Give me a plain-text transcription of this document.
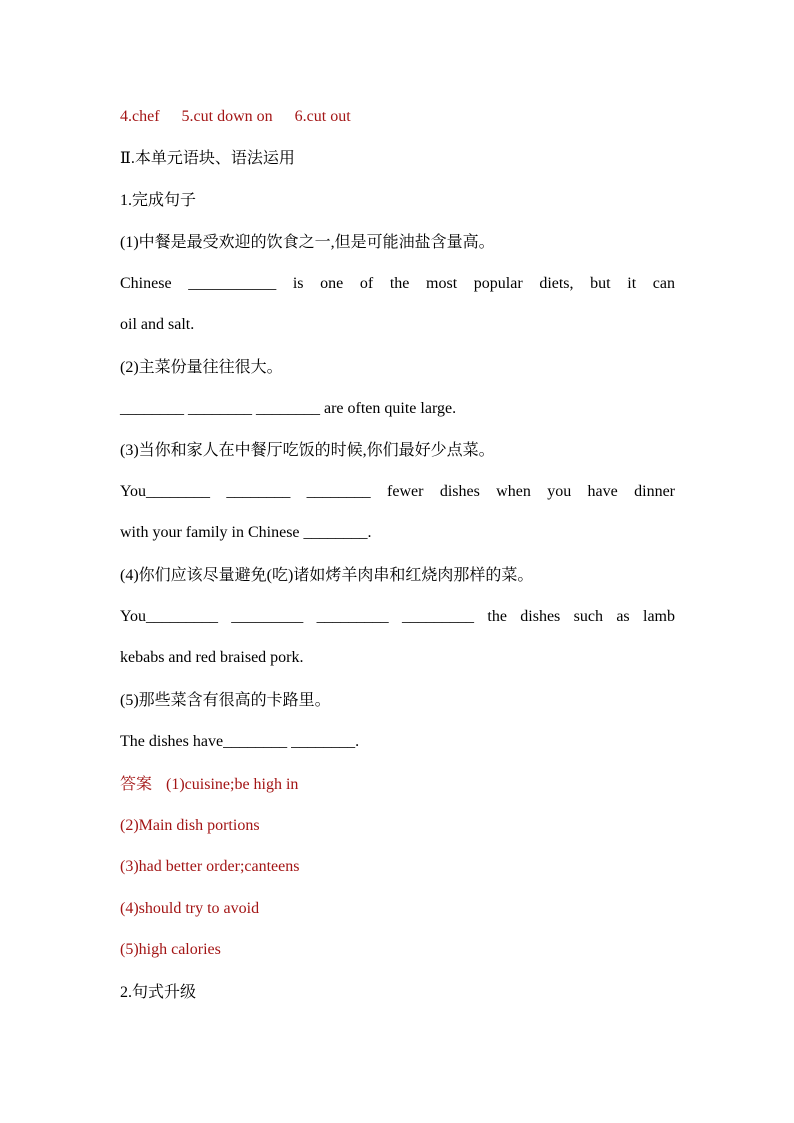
4.chef 5.cut down on 6.cut out
Ⅱ.本单元语块、语法运用
1.完成句子
(1)中餐是最受欢迎的饮食之一,但是可能油盐含量高。
Chinese ___________ is one of the most popular diets, but it can
oil and salt.
(2)主菜份量往往很大。
________ ________ ________ are often quite large.
(3)当你和家人在中餐厅吃饭的时候,你们最好少点菜。
You________ ________ ________ fewer dishes when you have dinner
with your family in Chinese ________.
(4)你们应该尽量避免(吃)诸如烤羊肉串和红烧肉那样的菜。
You_________ _________ _________ _________ the dishes such as lamb
kebabs and red braised pork.
(5)那些菜含有很高的卡路里。
The dishes have________ ________.
答案 (1)cuisine;be high in
(2)Main dish portions
(3)had better order;canteens
(4)should try to avoid
(5)high calories
2.句式升级
